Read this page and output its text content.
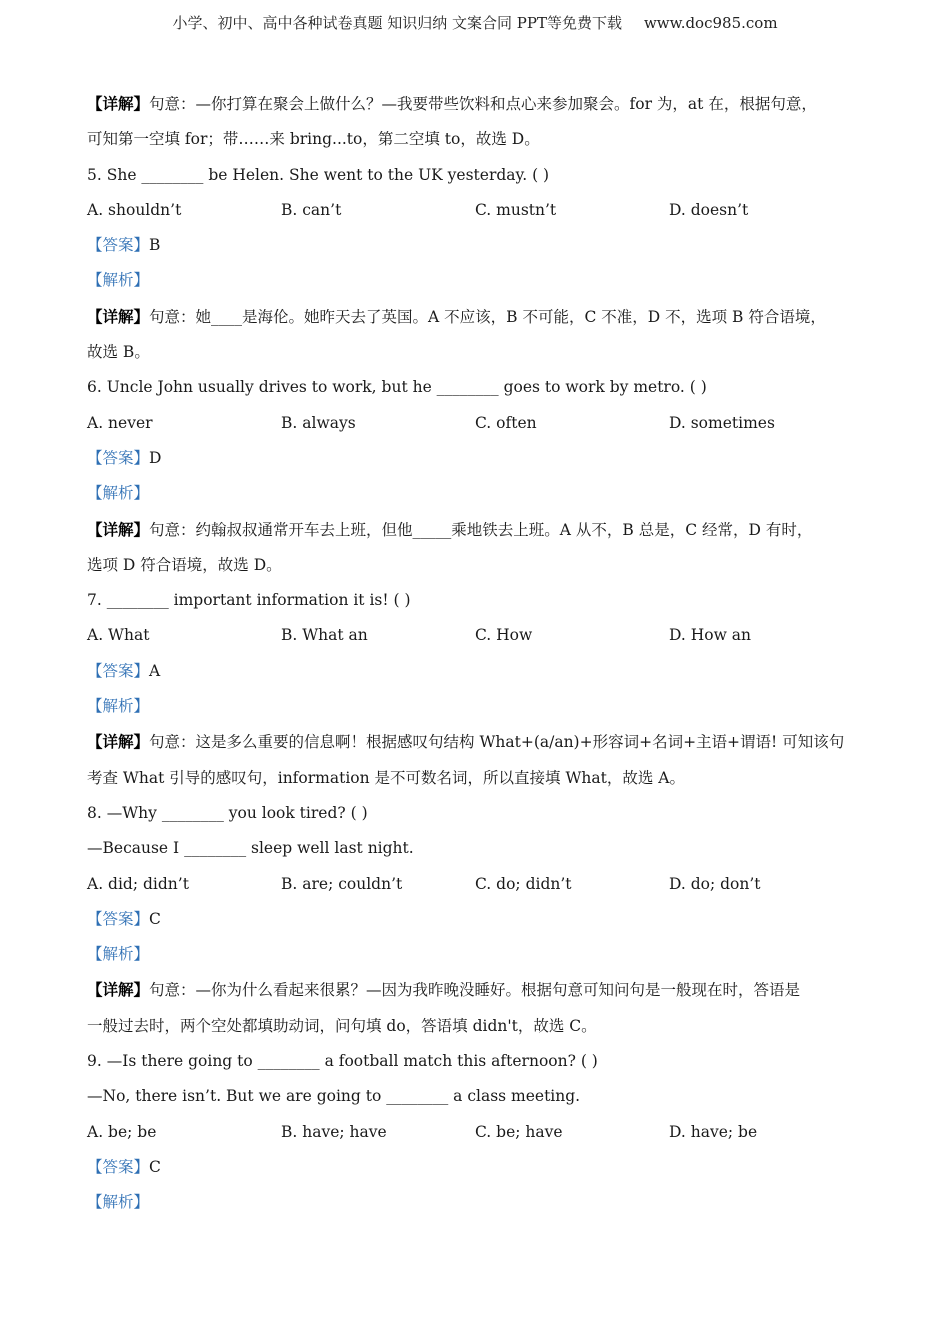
小学、初中、高中各种试卷真题 知识归纳 文案合同 PPT等免费下载 www.doc985.com
【详解】句意：—你打算在聚会上做什么？—我要带些饮料和点心来参加聚会。for 为，at 在，根据句意，
可知第一空填 for；带……来 bring...to，第二空填 to，故选 D。
5. She ________ be Helen. She went to the UK yesterday. ( )
A. shouldn’t	B. can’t	C. mustn’t	D. doesn’t
【答案】B
【解析】
【详解】句意：她____是海伦。她昨天去了英国。A 不应该，B 不可能，C 不准，D 不，选项 B 符合语境，
故选 B。
6. Uncle John usually drives to work, but he ________ goes to work by metro. ( )
A. never	B. always	C. often	D. sometimes
【答案】D
【解析】
【详解】句意：约翰叔叔通常开车去上班，但他_____乘地铁去上班。A 从不，B 总是，C 经常，D 有时，
选项 D 符合语境，故选 D。
7. ________ important information it is! ( )
A. What	B. What an	C. How	D. How an
【答案】A
【解析】
【详解】句意：这是多么重要的信息啊！根据感叹句结构 What+(a/an)+形容词+名词+主语+谓语! 可知该句
考查 What 引导的感叹句，information 是不可数名词，所以直接填 What，故选 A。
8. —Why ________ you look tired? ( )
—Because I ________ sleep well last night.
A. did; didn’t	B. are; couldn’t	C. do; didn’t	D. do; don’t
【答案】C
【解析】
【详解】句意：—你为什么看起来很累？—因为我昨晚没睡好。根据句意可知问句是一般现在时，答语是
一般过去时，两个空处都填助动词，问句填 do，答语填 didn't，故选 C。
9. —Is there going to ________ a football match this afternoon? ( )
—No, there isn’t. But we are going to ________ a class meeting.
A. be; be	B. have; have	C. be; have	D. have; be
【答案】C
【解析】
